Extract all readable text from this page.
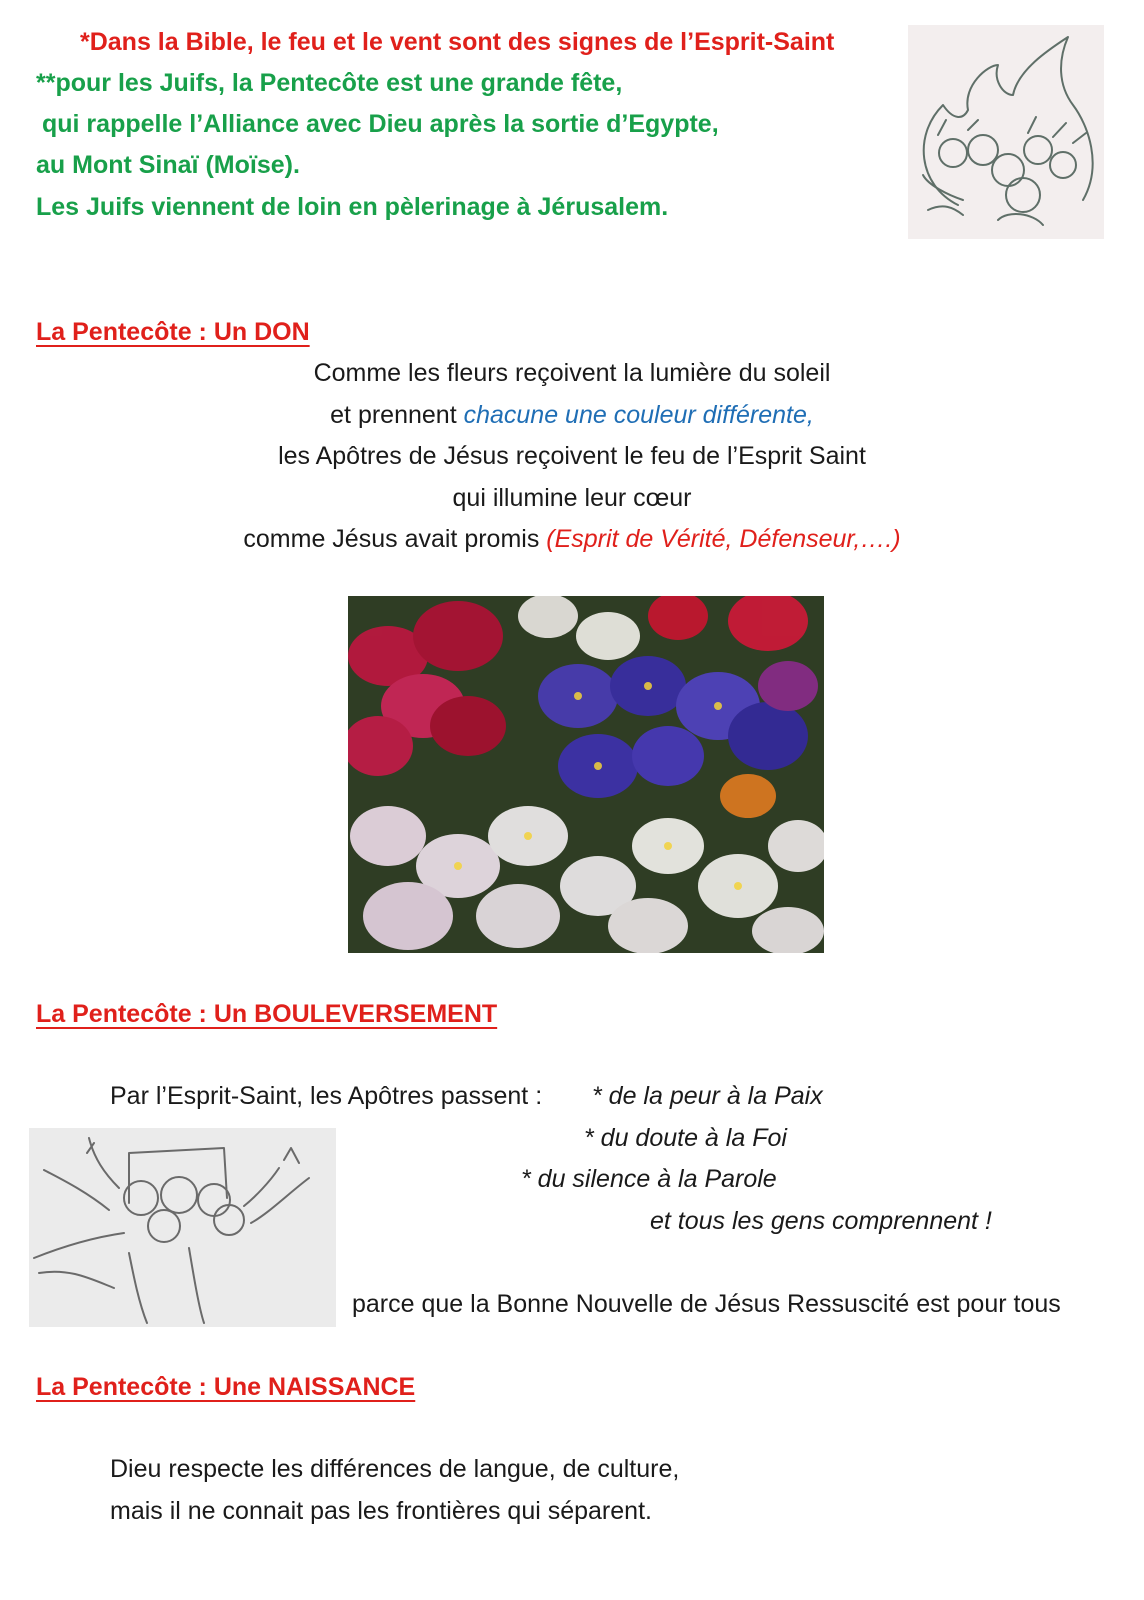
*Dans la Bible, le feu et le vent sont des signes de l’Esprit-Saint
**pour les Juifs, la Pentecôte est une grande fête,
qui rappelle l’Alliance avec Dieu après la sortie d’Egypte,
au Mont Sinaï (Moïse).
Les Juifs viennent de loin en pèlerinage à Jérusalem.
La Pentecôte : Un DON
Comme les fleurs reçoivent la lumière du soleil
et prennent chacune une couleur différente,
les Apôtres de Jésus reçoivent le feu de l’Esprit Saint
qui illumine leur cœur
comme Jésus avait promis (Esprit de Vérité, Défenseur,….)
La Pentecôte : Un BOULEVERSEMENT
Par l’Esprit-Saint, les Apôtres passent : * de la peur à la Paix
* du doute à la Foi
* du silence à la Parole
et tous les gens comprennent !
parce que la Bonne Nouvelle de Jésus Ressuscité est pour tous
La Pentecôte : Une NAISSANCE
Dieu respecte les différences de langue, de culture,
mais il ne connait pas les frontières qui séparent.
